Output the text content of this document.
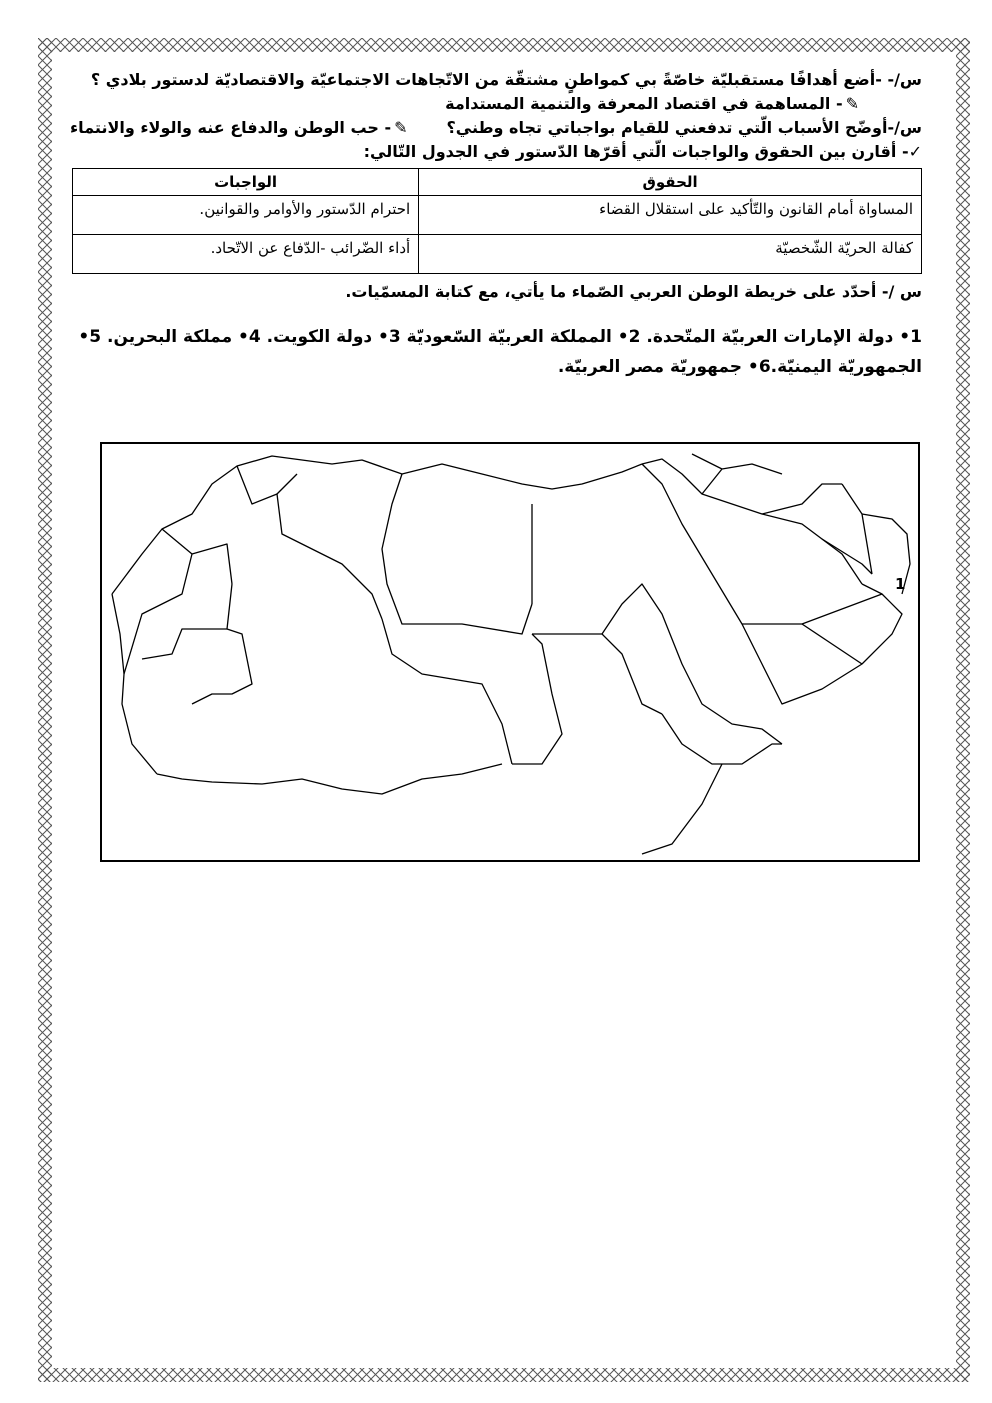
س/- -أضع أهدافًا مستقبليّة خاصّةً بي كمواطنٍ مشتقّة من الاتّجاهات الاجتماعيّة والاقتصاديّة لدستور بلادي ؟
✎- المساهمة في اقتصاد المعرفة والتنمية المستدامة
س/-أوضّح الأسباب الّتي تدفعني للقيام بواجباتي تجاه وطني؟
✎- حب الوطن والدفاع عنه والولاء والانتماء
✓- أقارن بين الحقوق والواجبات الّتي أقرّها الدّستور في الجدول التّالي:
الحقوق	الواجبات
المساواة أمام القانون والتّأكيد على استقلال القضاء	احترام الدّستور والأوامر والقوانين.
كفالة الحريّة الشّخصيّة	أداء الضّرائب -الدّفاع عن الاتّحاد.
س /- أحدّد على خريطة الوطن العربي الصّماء ما يأتي، مع كتابة المسمّيات.
1• دولة الإمارات العربيّة المتّحدة. 2• المملكة العربيّة السّعوديّة 3• دولة الكويت. 4• مملكة البحرين. 5•
الجمهوريّة اليمنيّة.6• جمهوريّة مصر العربيّة.
1
